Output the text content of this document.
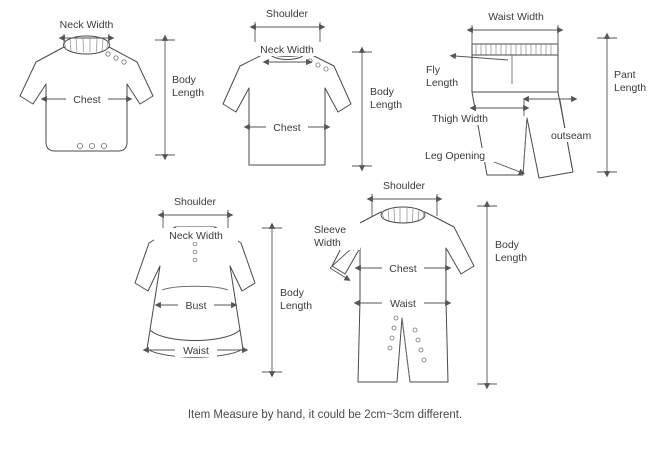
Neck Width
Chest
Body
Length
Shoulder
Neck Width
Chest
Body
Length
Waist Width
Fly
Length
Thigh Width
Leg Opening
outseam
Pant
Length
Shoulder
Neck Width
Bust
Waist
Body
Length
Shoulder
Sleeve
Width
Chest
Waist
Body
Length
Item Measure by hand, it could be 2cm~3cm different.
